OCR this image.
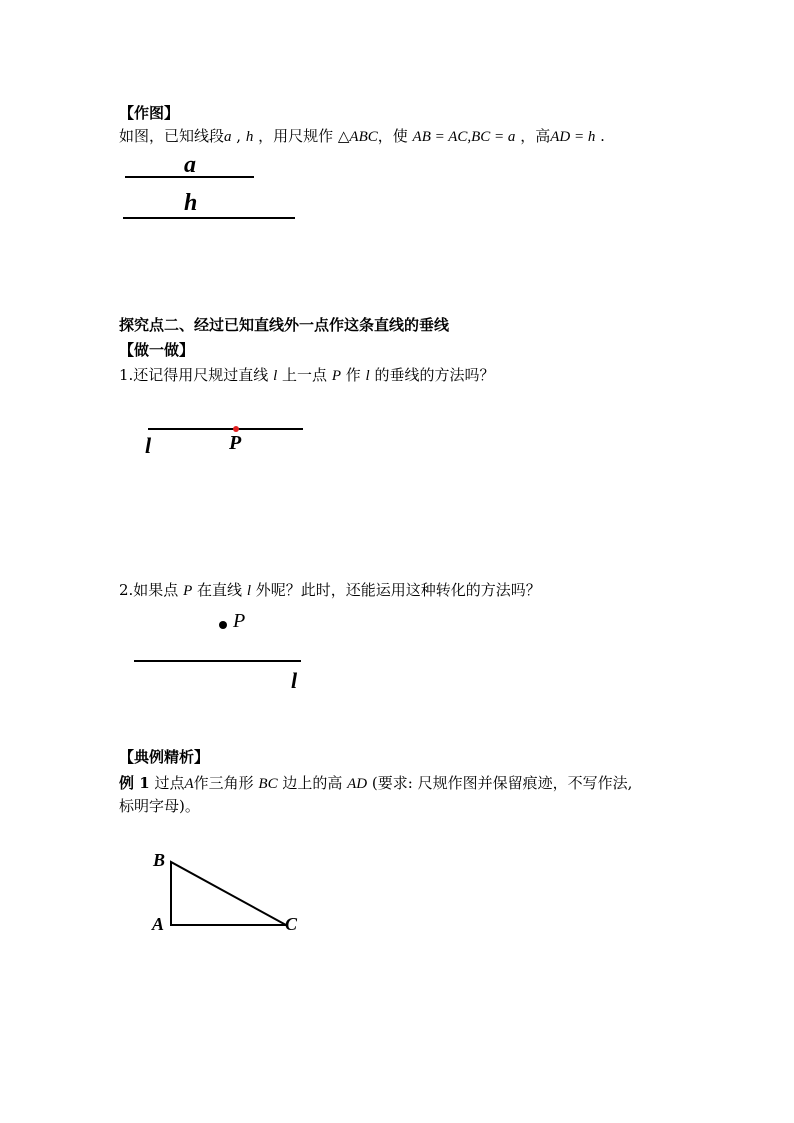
【作图】
如图，已知线段a , h ，用尺规作 △ABC，使 AB = AC,BC = a ，高AD = h .
a
h
探究点二、经过已知直线外一点作这条直线的垂线
【做一做】
1.还记得用尺规过直线 l 上一点 P 作 l 的垂线的方法吗？
l	P
2.如果点 P 在直线 l 外呢？此时，还能运用这种转化的方法吗？
P
l
【典例精析】
例 1 过点A作三角形 BC 边上的高 AD (要求: 尺规作图并保留痕迹，不写作法,
标明字母)。
B
A	C
